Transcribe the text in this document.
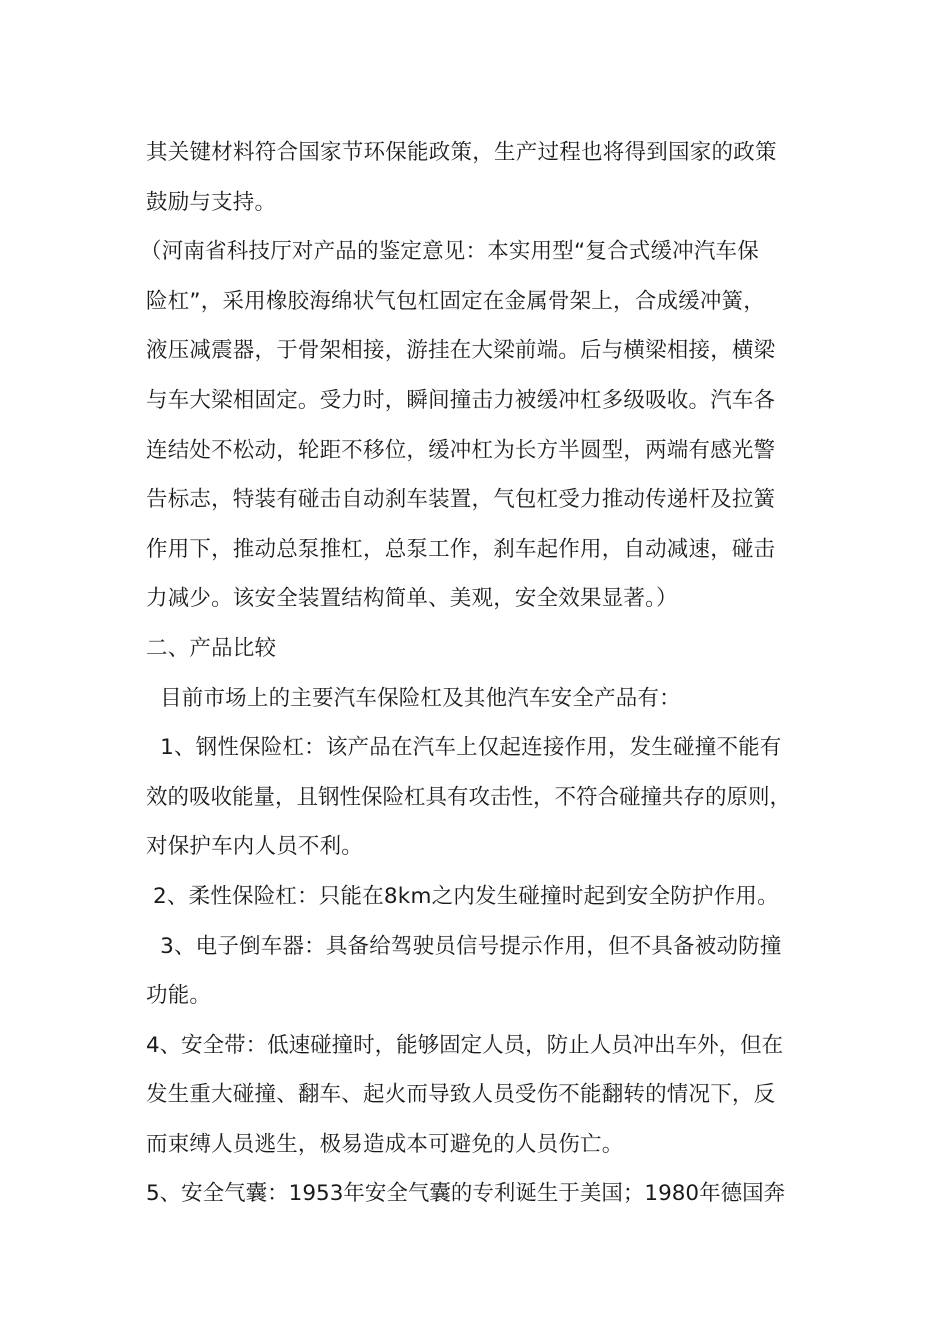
其关键材料符合国家节环保能政策，生产过程也将得到国家的政策
鼓励与支持。
（河南省科技厅对产品的鉴定意见：本实用型“复合式缓冲汽车保
险杠”，采用橡胶海绵状气包杠固定在金属骨架上，合成缓冲簧，
液压减震器，于骨架相接，游挂在大梁前端。后与横梁相接，横梁
与车大梁相固定。受力时，瞬间撞击力被缓冲杠多级吸收。汽车各
连结处不松动，轮距不移位，缓冲杠为长方半圆型，两端有感光警
告标志，特装有碰击自动刹车装置，气包杠受力推动传递杆及拉簧
作用下，推动总泵推杠，总泵工作，刹车起作用，自动减速，碰击
力减少。该安全装置结构简单、美观，安全效果显著。）
二、产品比较
目前市场上的主要汽车保险杠及其他汽车安全产品有：
1、钢性保险杠：该产品在汽车上仅起连接作用，发生碰撞不能有
效的吸收能量，且钢性保险杠具有攻击性，不符合碰撞共存的原则，
对保护车内人员不利。
2、柔性保险杠：只能在8km之内发生碰撞时起到安全防护作用。
3、电子倒车器：具备给驾驶员信号提示作用，但不具备被动防撞
功能。
4、安全带：低速碰撞时，能够固定人员，防止人员冲出车外，但在
发生重大碰撞、翻车、起火而导致人员受伤不能翻转的情况下，反
而束缚人员逃生，极易造成本可避免的人员伤亡。
5、安全气囊：1953年安全气囊的专利诞生于美国；1980年德国奔
